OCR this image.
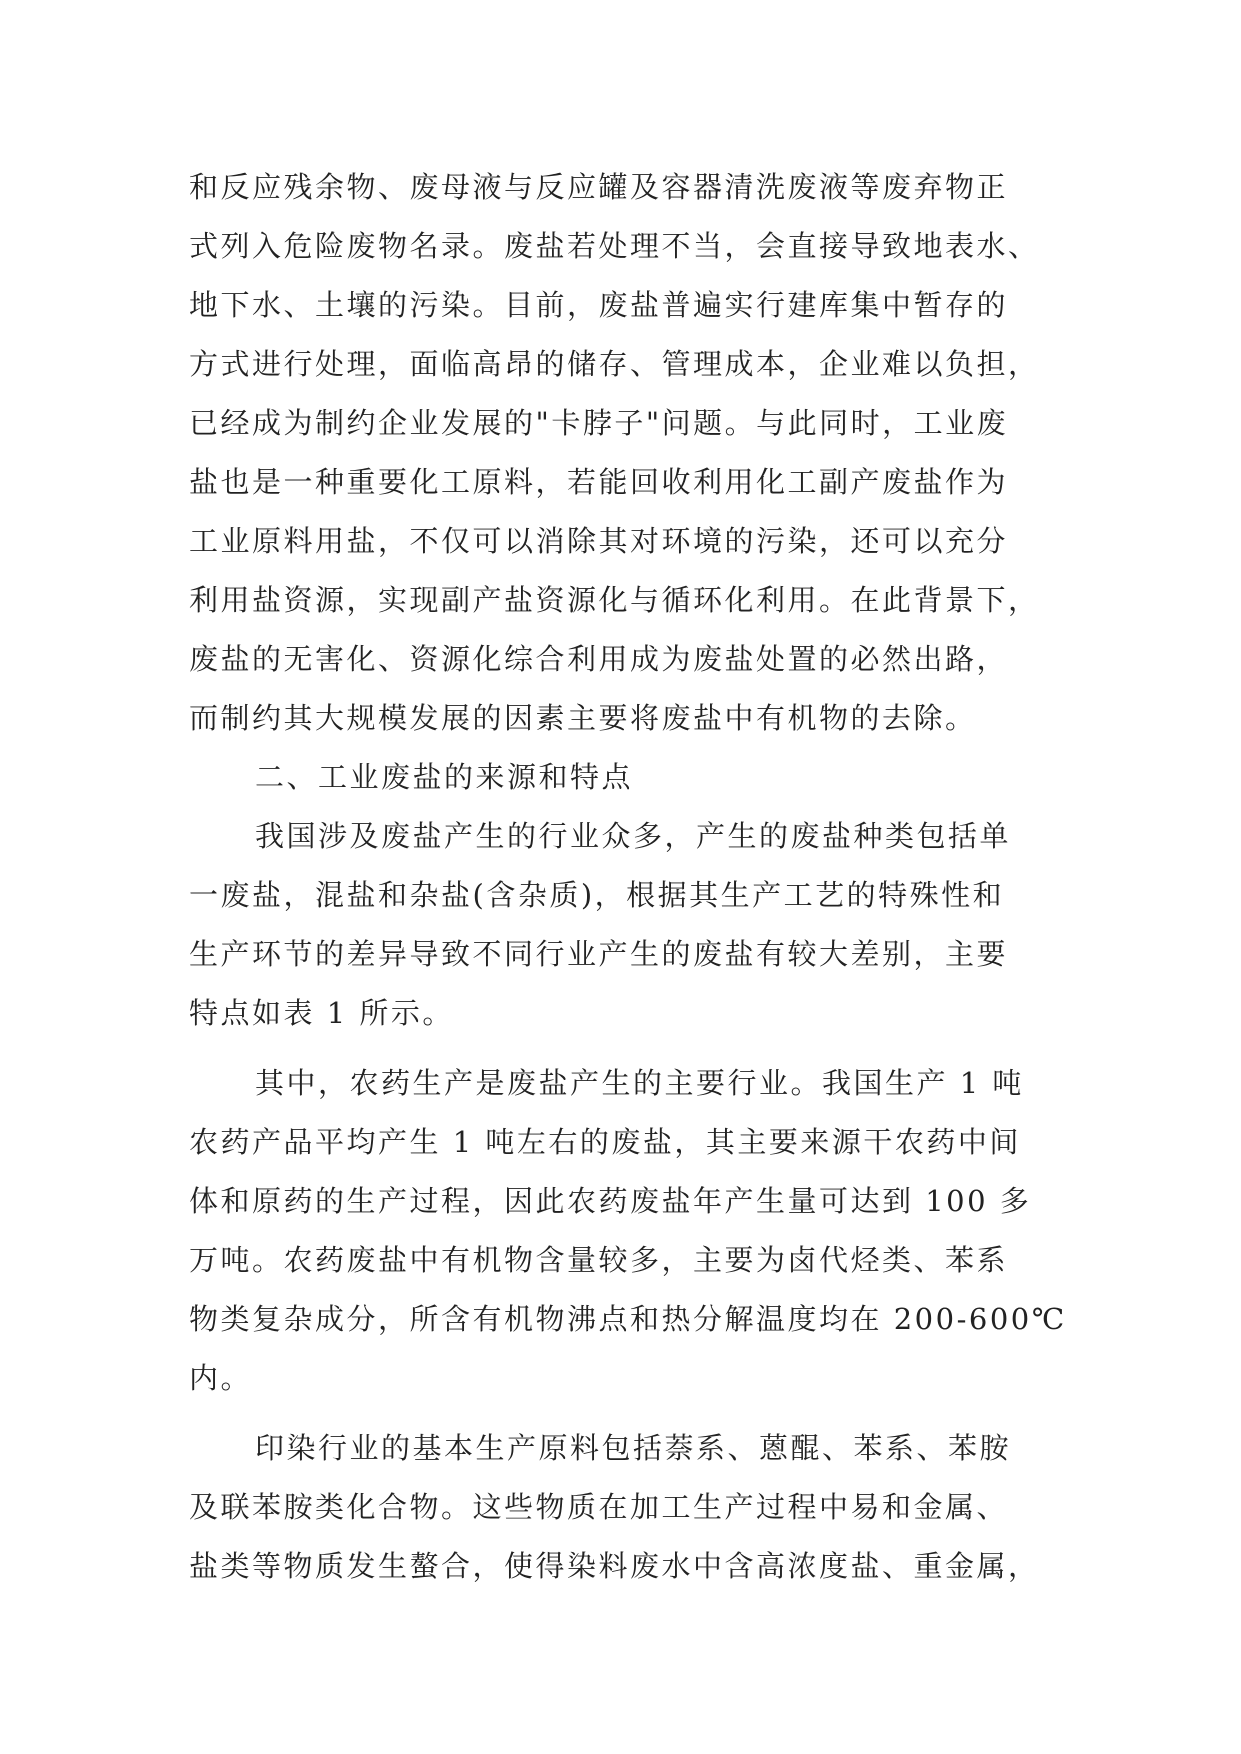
和反应残余物、废母液与反应罐及容器清洗废液等废弃物正
式列入危险废物名录。废盐若处理不当，会直接导致地表水、
地下水、土壤的污染。目前，废盐普遍实行建库集中暂存的
方式进行处理，面临高昂的储存、管理成本，企业难以负担，
已经成为制约企业发展的"卡脖子"问题。与此同时，工业废
盐也是一种重要化工原料，若能回收利用化工副产废盐作为
工业原料用盐，不仅可以消除其对环境的污染，还可以充分
利用盐资源，实现副产盐资源化与循环化利用。在此背景下，
废盐的无害化、资源化综合利用成为废盐处置的必然出路，
而制约其大规模发展的因素主要将废盐中有机物的去除。
二、工业废盐的来源和特点
我国涉及废盐产生的行业众多，产生的废盐种类包括单
一废盐，混盐和杂盐(含杂质)，根据其生产工艺的特殊性和
生产环节的差异导致不同行业产生的废盐有较大差别，主要
特点如表 1 所示。
其中，农药生产是废盐产生的主要行业。我国生产 1 吨
农药产品平均产生 1 吨左右的废盐，其主要来源干农药中间
体和原药的生产过程，因此农药废盐年产生量可达到 100 多
万吨。农药废盐中有机物含量较多，主要为卤代烃类、苯系
物类复杂成分，所含有机物沸点和热分解温度均在 200-600℃
内。
印染行业的基本生产原料包括萘系、蒽醌、苯系、苯胺
及联苯胺类化合物。这些物质在加工生产过程中易和金属、
盐类等物质发生螯合，使得染料废水中含高浓度盐、重金属，
